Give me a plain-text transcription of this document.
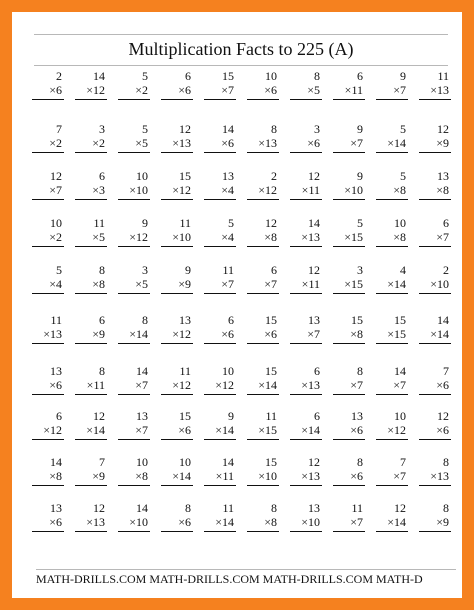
Multiplication Facts to 225 (A)
2
×6
14
×12
5
×2
6
×6
15
×7
10
×6
8
×5
6
×11
9
×7
11
×13
7
×2
3
×2
5
×5
12
×13
14
×6
8
×13
3
×6
9
×7
5
×14
12
×9
12
×7
6
×3
10
×10
15
×12
13
×4
2
×12
12
×11
9
×10
5
×8
13
×8
10
×2
11
×5
9
×12
11
×10
5
×4
12
×8
14
×13
5
×15
10
×8
6
×7
5
×4
8
×8
3
×5
9
×9
11
×7
6
×7
12
×11
3
×15
4
×14
2
×10
11
×13
6
×9
8
×14
13
×12
6
×6
15
×6
13
×7
15
×8
15
×15
14
×14
13
×6
8
×11
14
×7
11
×12
10
×12
15
×14
6
×13
8
×7
14
×7
7
×6
6
×12
12
×14
13
×7
15
×6
9
×14
11
×15
6
×14
13
×6
10
×12
12
×6
14
×8
7
×9
10
×8
10
×14
14
×11
15
×10
12
×13
8
×6
7
×7
8
×13
13
×6
12
×13
14
×10
8
×6
11
×14
8
×8
13
×10
11
×7
12
×14
8
×9
MATH-DRILLS.COM MATH-DRILLS.COM MATH-DRILLS.COM MATH-D
